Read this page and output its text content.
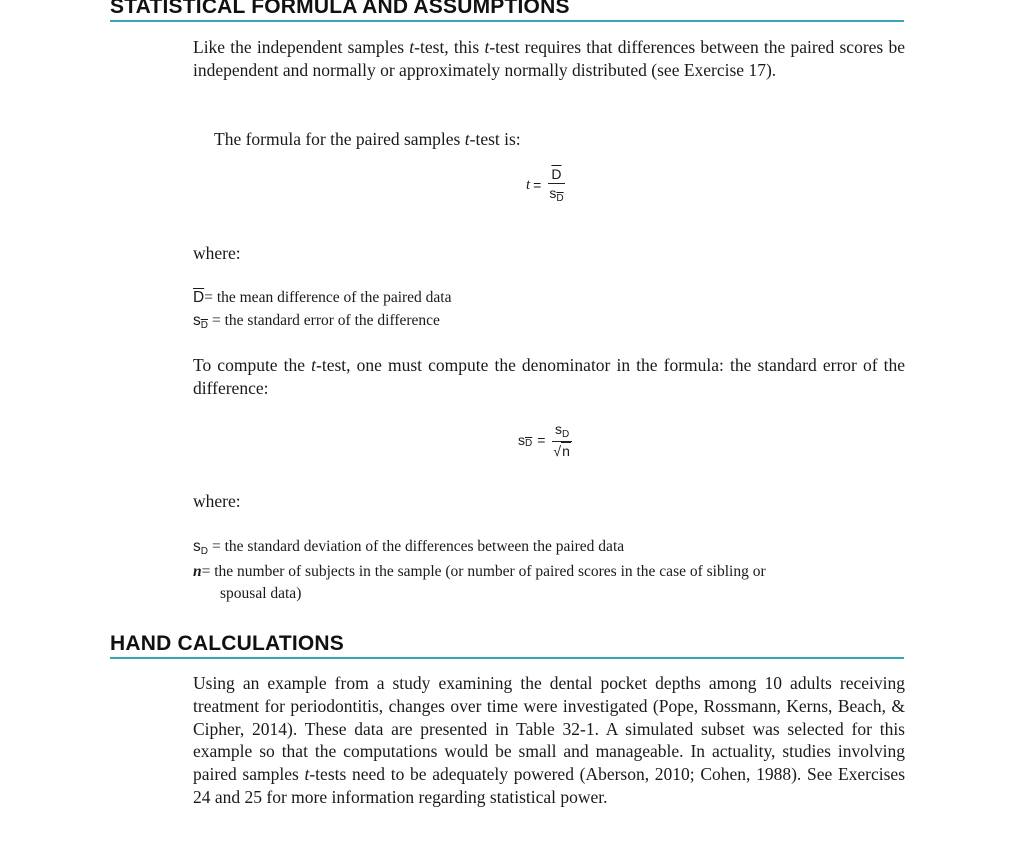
STATISTICAL FORMULA AND ASSUMPTIONS

Like the independent samples t-test, this t-test requires that differences between the paired scores be independent and normally or approximately normally distributed (see Exercise 17).

The formula for the paired samples t-test is:
$t = \frac{\overline{D}}{s_{\overline{D}}}$
where:
$\overline{D}=$ the mean difference of the paired data
$s\overline{D}$ = the standard error of the difference

To compute the t-test, one must compute the denominator in the formula: the standard error of the difference:

s $\overline{D} = \frac{s_D}{√n}$
where:
sD = the standard deviation of the differences between the paired data
n= the number of subjects in the sample (or number of paired scores in the case of sibling or
spousal data)
HAND CALCULATIONS

Using an example from a study examining the dental pocket depths among 10 adults receiving treatment for periodontitis, changes over time were investigated (Pope, Rossmann, Kerns, Beach, & Cipher, 2014). These data are presented in Table 32-1. A simulated subset was selected for this example so that the computations would be small and manageable. In actuality, studies involving paired samples t-tests need to be adequately powered (Aberson, 2010; Cohen, 1988). See Exercises 24 and 25 for more information regarding statistical power.
